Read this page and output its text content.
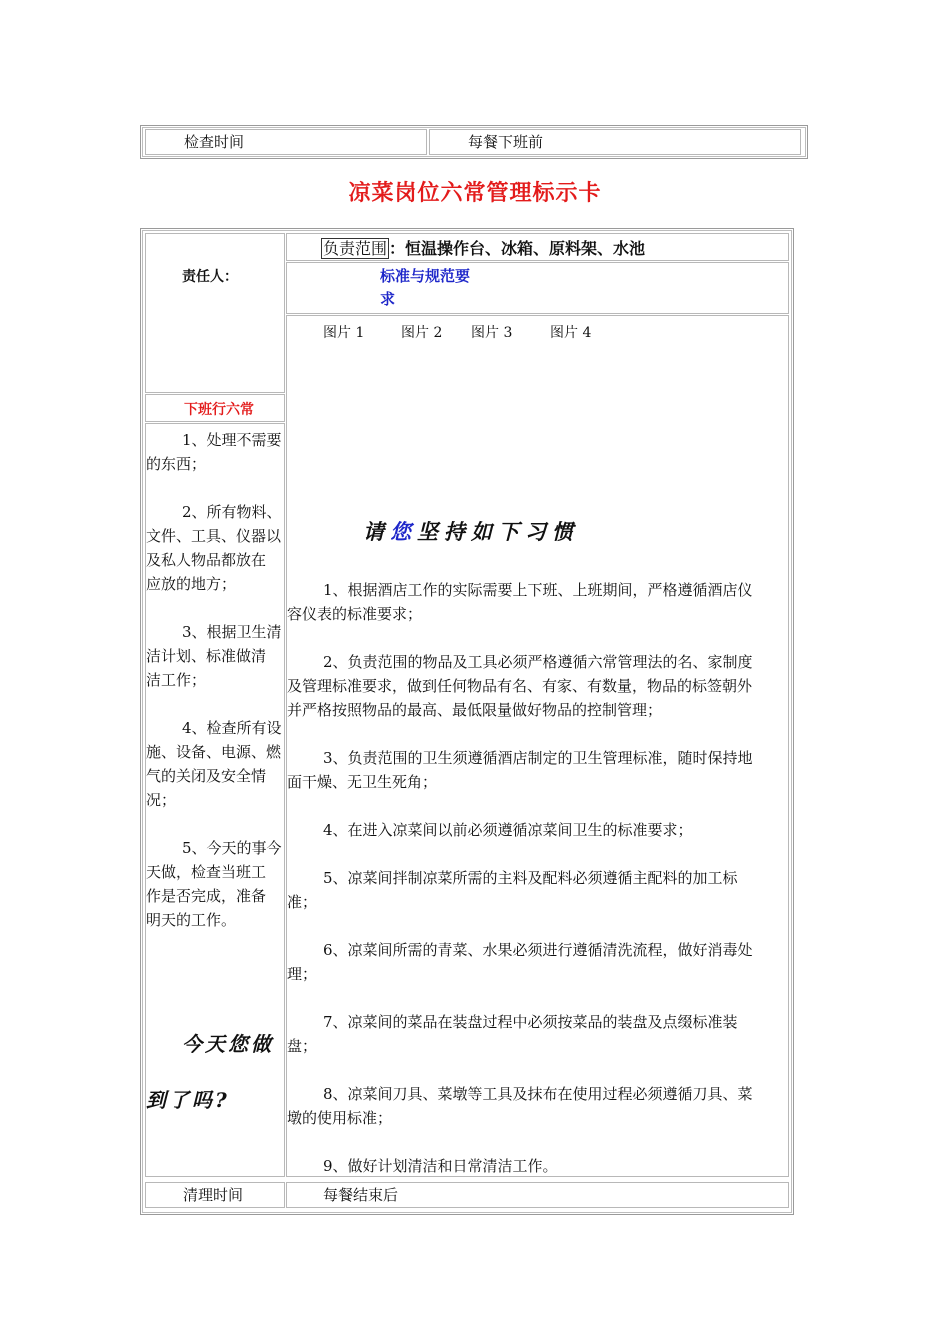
检查时间	每餐下班前
凉菜岗位六常管理标示卡
责任人：
负责范围 ：恒温操作台、冰箱、原料架、水池
标准与规范要
求
图片 1	图片 2 图片 3	图片 4
请您坚持如下习惯
1、根据酒店工作的实际需要上下班、上班期间，严格遵循酒店仪
容仪表的标准要求；
2、负责范围的物品及工具必须严格遵循六常管理法的名、家制度
及管理标准要求，做到任何物品有名、有家、有数量，物品的标签朝外
并严格按照物品的最高、最低限量做好物品的控制管理；
3、负责范围的卫生须遵循酒店制定的卫生管理标准，随时保持地
面干燥、无卫生死角；
4、在进入凉菜间以前必须遵循凉菜间卫生的标准要求；
5、凉菜间拌制凉菜所需的主料及配料必须遵循主配料的加工标
准；
6、凉菜间所需的青菜、水果必须进行遵循清洗流程，做好消毒处
理；
7、凉菜间的菜品在装盘过程中必须按菜品的装盘及点缀标准装
盘；
8、凉菜间刀具、菜墩等工具及抹布在使用过程必须遵循刀具、菜
墩的使用标准；
9、做好计划清洁和日常清洁工作。
下班行六常
1、处理不需要
的东西；
2、所有物料、
文件、工具、仪器以
及私人物品都放在
应放的地方；
3、根据卫生清
洁计划、标准做清
洁工作；
4、检查所有设
施、设备、电源、燃
气的关闭及安全情
况；
5、今天的事今
天做，检查当班工
作是否完成，准备
明天的工作。
今天您做
到了吗?
清理时间	每餐结束后
